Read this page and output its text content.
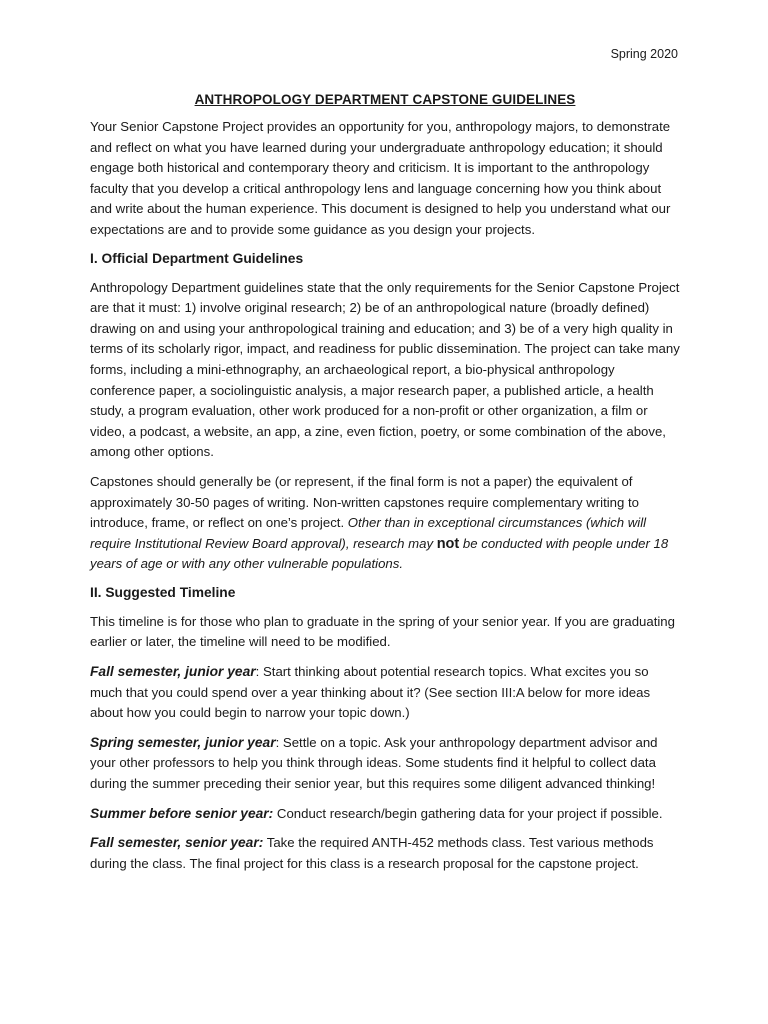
Spring 2020
ANTHROPOLOGY DEPARTMENT CAPSTONE GUIDELINES

Your Senior Capstone Project provides an opportunity for you, anthropology majors, to demonstrate and reflect on what you have learned during your undergraduate anthropology education; it should engage both historical and contemporary theory and criticism. It is important to the anthropology faculty that you develop a critical anthropology lens and language concerning how you think about and write about the human experience. This document is designed to help you understand what our expectations are and to provide some guidance as you design your projects.

I. Official Department Guidelines

Anthropology Department guidelines state that the only requirements for the Senior Capstone Project are that it must: 1) involve original research; 2) be of an anthropological nature (broadly defined) drawing on and using your anthropological training and education; and 3) be of a very high quality in terms of its scholarly rigor, impact, and readiness for public dissemination. The project can take many forms, including a mini-ethnography, an archaeological report, a bio-physical anthropology conference paper, a sociolinguistic analysis, a major research paper, a published article, a health study, a program evaluation, other work produced for a non-profit or other organization, a film or video, a podcast, a website, an app, a zine, even fiction, poetry, or some combination of the above, among other options.

Capstones should generally be (or represent, if the final form is not a paper) the equivalent of approximately 30-50 pages of writing. Non-written capstones require complementary writing to introduce, frame, or reflect on one’s project. Other than in exceptional circumstances (which will require Institutional Review Board approval), research may not be conducted with people under 18 years of age or with any other vulnerable populations.

II. Suggested Timeline

This timeline is for those who plan to graduate in the spring of your senior year. If you are graduating earlier or later, the timeline will need to be modified.

Fall semester, junior year: Start thinking about potential research topics. What excites you so much that you could spend over a year thinking about it? (See section III:A below for more ideas about how you could begin to narrow your topic down.)

Spring semester, junior year: Settle on a topic. Ask your anthropology department advisor and your other professors to help you think through ideas. Some students find it helpful to collect data during the summer preceding their senior year, but this requires some diligent advanced thinking!

Summer before senior year: Conduct research/begin gathering data for your project if possible.

Fall semester, senior year: Take the required ANTH-452 methods class. Test various methods during the class. The final project for this class is a research proposal for the capstone project.
